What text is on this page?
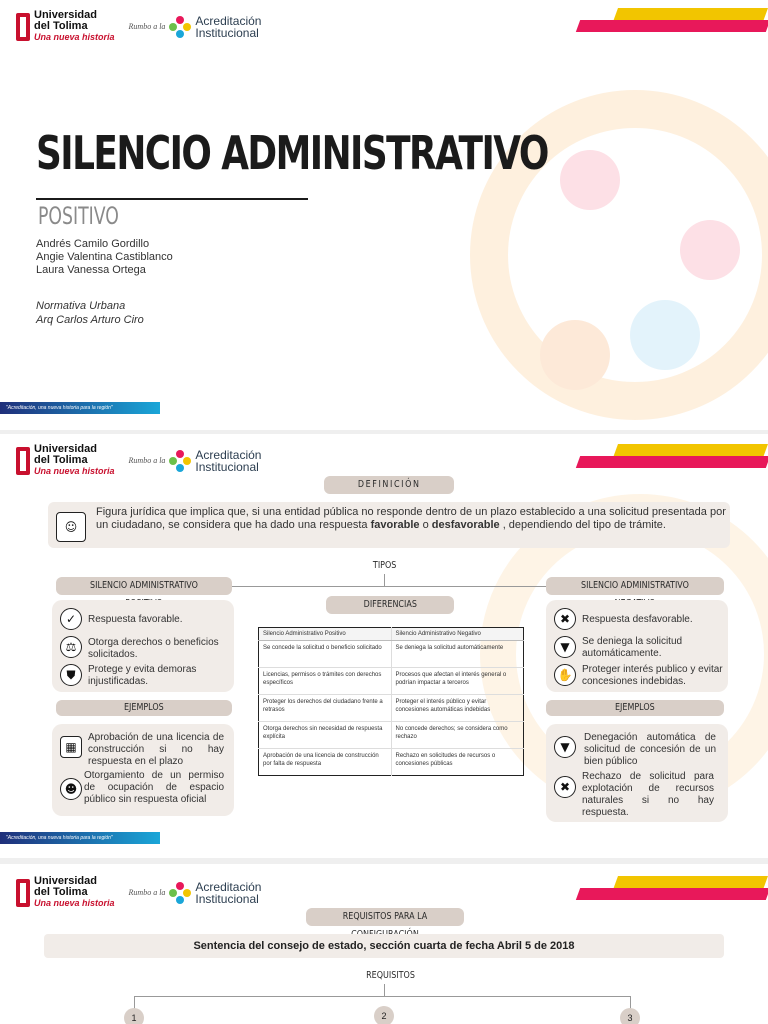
Universidad
del Tolima
Una nueva historia
Rumbo a la	Acreditación
Institucional
SILENCIO ADMINISTRATIVO
POSITIVO
Andrés Camilo Gordillo
Angie Valentina Castiblanco
Laura Vanessa Ortega
Normativa Urbana
Arq Carlos Arturo Ciro
"Acreditación, una nueva historia para la región"
Universidad
del Tolima
Una nueva historia
Rumbo a la	Acreditación
Institucional
DEFINICIÓN
☺
Figura jurídica que implica que, si una entidad pública no responde dentro de un plazo establecido a una solicitud presentada por un ciudadano, se considera que ha dado una respuesta favorable o desfavorable , dependiendo del tipo de trámite.
TIPOS
SILENCIO ADMINISTRATIVO
✓	Respuesta favorable.
⚖	Otorga derechos o beneficios solicitados.
⛊	Protege y evita demoras injustificadas.
EJEMPLOS
▦
Aprobación de una licencia de construcción si no hay respuesta en el plazo
☻
Otorgamiento de un permiso de ocupación de espacio público sin respuesta oficial
DIFERENCIAS
Silencio Administrativo Positivo	Silencio Administrativo Negativo
Se concede la solicitud o beneficio solicitado	Se deniega la solicitud automáticamente
Licencias, permisos o trámites con derechos específicos	Procesos que afectan el interés general o podrían impactar a terceros
Proteger los derechos del ciudadano frente a retrasos	Proteger el interés público y evitar concesiones automáticas indebidas
Otorga derechos sin necesidad de respuesta explícita	No concede derechos; se considera como rechazo
Aprobación de una licencia de construcción por falta de respuesta	Rechazo en solicitudes de recursos o concesiones públicas
SILENCIO ADMINISTRATIVO
✖	Respuesta desfavorable.
▼	Se deniega la solicitud automáticamente.
✋ Proteger interés publico y evitar concesiones indebidas.
EJEMPLOS
▼
Denegación automática de solicitud de concesión de un bien público
✖
Rechazo de solicitud para explotación de recursos naturales si no hay respuesta.
"Acreditación, una nueva historia para la región"
Universidad
del Tolima
Una nueva historia
Rumbo a la	Acreditación
Institucional
REQUISITOS PARA LA
Sentencia del consejo de estado, sección cuarta de fecha Abril 5 de 2018
REQUISITOS
1	2	3
